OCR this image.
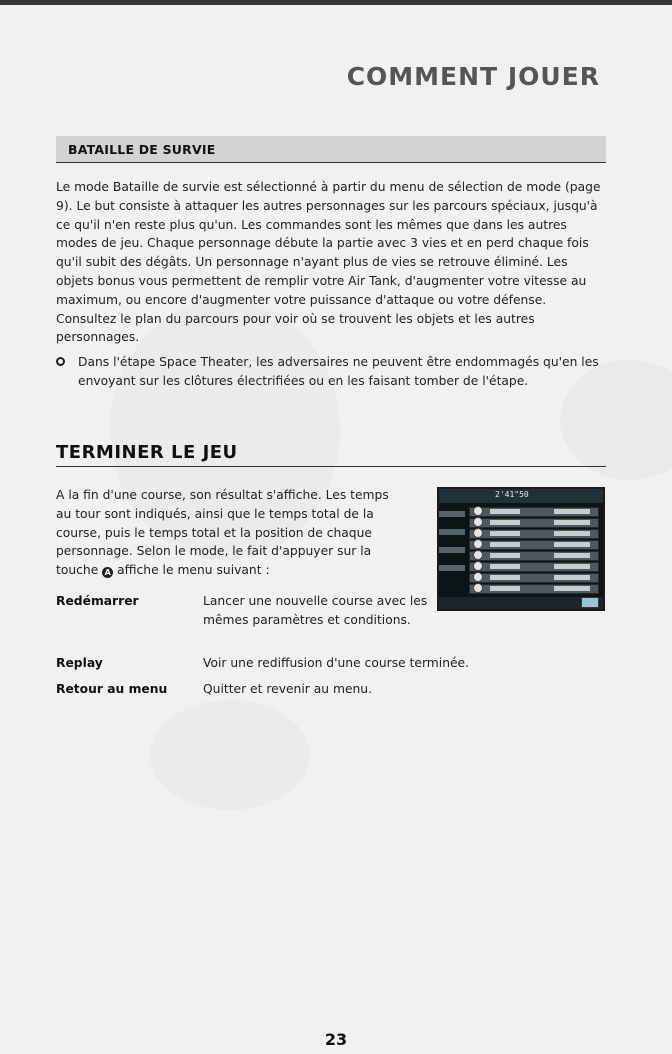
COMMENT JOUER
BATAILLE DE SURVIE

Le mode Bataille de survie est sélectionné à partir du menu de sélection de mode (page 9). Le but consiste à attaquer les autres personnages sur les parcours spéciaux, jusqu'à ce qu'il n'en reste plus qu'un. Les commandes sont les mêmes que dans les autres modes de jeu. Chaque personnage débute la partie avec 3 vies et en perd chaque fois qu'il subit des dégâts. Un personnage n'ayant plus de vies se retrouve éliminé. Les objets bonus vous permettent de remplir votre Air Tank, d'augmenter votre vitesse au maximum, ou encore d'augmenter votre puissance d'attaque ou votre défense. Consultez le plan du parcours pour voir où se trouvent les objets et les autres personnages.

Dans l'étape Space Theater, les adversaires ne peuvent être endommagés qu'en les envoyant sur les clôtures électrifiées ou en les faisant tomber de l'étape.
TERMINER LE JEU

A la fin d'une course, son résultat s'affiche. Les temps au tour sont indiqués, ainsi que le temps total de la course, puis le temps total et la position de chaque personnage. Selon le mode, le fait d'appuyer sur la touche A affiche le menu suivant :

2'41"50
Redémarrer	Lancer une nouvelle course avec les mêmes paramètres et conditions.
Replay	Voir une rediffusion d'une course terminée.
Retour au menu	Quitter et revenir au menu.
23
